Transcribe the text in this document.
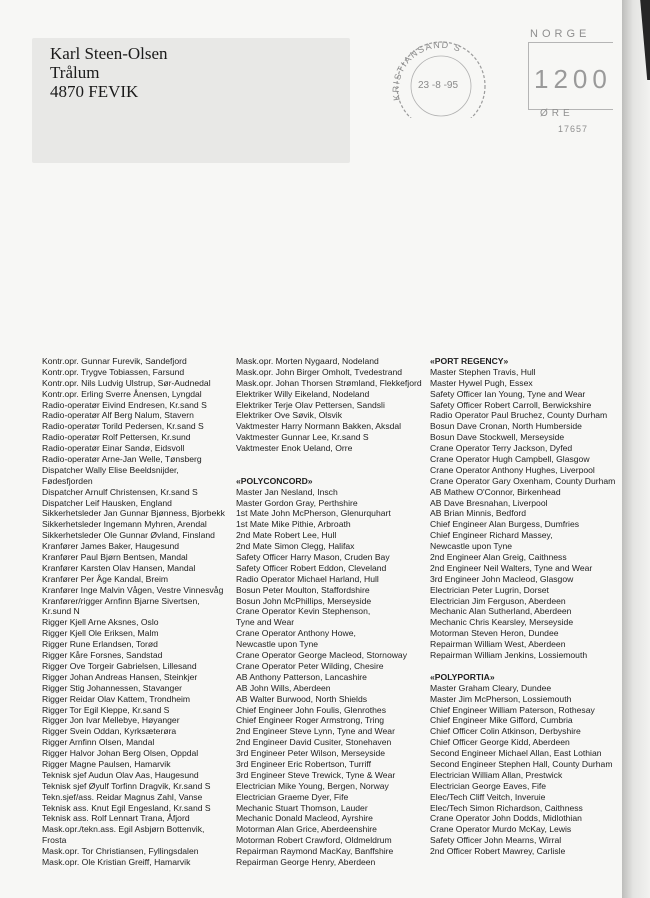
Karl Steen-Olsen
Trålum
4870 FEVIK	KRISTIANSAND S
23 -8 -95
NORGE
1200
ØRE
17657
Kontr.opr. Gunnar Furevik, Sandefjord
Kontr.opr. Trygve Tobiassen, Farsund
Kontr.opr. Nils Ludvig Ulstrup, Sør-Audnedal
Kontr.opr. Erling Sverre Ånensen, Lyngdal
Radio-operatør Eivind Endresen, Kr.sand S
Radio-operatør Alf Berg Nalum, Stavern
Radio-operatør Torild Pedersen, Kr.sand S
Radio-operatør Rolf Pettersen, Kr.sund
Radio-operatør Einar Sandø, Eidsvoll
Radio-operatør Arne-Jan Welle, Tønsberg
Dispatcher Wally Elise Beeldsnijder,
Fødesfjorden
Dispatcher Arnulf Christensen, Kr.sand S
Dispatcher Leif Hausken, England
Sikkerhetsleder Jan Gunnar Bjønness, Bjorbekk
Sikkerhetsleder Ingemann Myhren, Arendal
Sikkerhetsleder Ole Gunnar Øvland, Finsland
Kranfører James Baker, Haugesund
Kranfører Paul Bjørn Bentsen, Mandal
Kranfører Karsten Olav Hansen, Mandal
Kranfører Per Åge Kandal, Breim
Kranfører Inge Malvin Vågen, Vestre Vinnesvåg
Kranfører/rigger Arnfinn Bjarne Sivertsen,
Kr.sund N
Rigger Kjell Arne Aksnes, Oslo
Rigger Kjell Ole Eriksen, Malm
Rigger Rune Erlandsen, Torød
Rigger Kåre Forsnes, Sandstad
Rigger Ove Torgeir Gabrielsen, Lillesand
Rigger Johan Andreas Hansen, Steinkjer
Rigger Stig Johannessen, Stavanger
Rigger Reidar Olav Kattem, Trondheim
Rigger Tor Egil Kleppe, Kr.sand S
Rigger Jon Ivar Mellebye, Høyanger
Rigger Svein Oddan, Kyrksæterøra
Rigger Arnfinn Olsen, Mandal
Rigger Halvor Johan Berg Olsen, Oppdal
Rigger Magne Paulsen, Hamarvik
Teknisk sjef Audun Olav Aas, Haugesund
Teknisk sjef Øyulf Torfinn Dragvik, Kr.sand S
Tekn.sjef/ass. Reidar Magnus Zahl, Vanse
Teknisk ass. Knut Egil Engesland, Kr.sand S
Teknisk ass. Rolf Lennart Trana, Åfjord
Mask.opr./tekn.ass. Egil Asbjørn Bottenvik,
Frosta
Mask.opr. Tor Christiansen, Fyllingsdalen
Mask.opr. Ole Kristian Greiff, Hamarvik
Mask.opr. Morten Nygaard, Nodeland
Mask.opr. John Birger Omholt, Tvedestrand
Mask.opr. Johan Thorsen Strømland, Flekkefjord
Elektriker Willy Eikeland, Nodeland
Elektriker Terje Olav Pettersen, Sandsli
Elektriker Ove Søvik, Olsvik
Vaktmester Harry Normann Bakken, Aksdal
Vaktmester Gunnar Lee, Kr.sand S
Vaktmester Enok Ueland, Orre
«POLYCONCORD»
Master Jan Nesland, Insch
Master Gordon Gray, Perthshire
1st Mate John McPherson, Glenurquhart
1st Mate Mike Pithie, Arbroath
2nd Mate Robert Lee, Hull
2nd Mate Simon Clegg, Halifax
Safety Officer Harry Mason, Cruden Bay
Safety Officer Robert Eddon, Cleveland
Radio Operator Michael Harland, Hull
Bosun Peter Moulton, Staffordshire
Bosun John McPhillips, Merseyside
Crane Operator Kevin Stephenson,
Tyne and Wear
Crane Operator Anthony Howe,
Newcastle upon Tyne
Crane Operator George Macleod, Stornoway
Crane Operator Peter Wilding, Chesire
AB Anthony Patterson, Lancashire
AB John Wills, Aberdeen
AB Walter Burwood, North Shields
Chief Engineer John Foulis, Glenrothes
Chief Engineer Roger Armstrong, Tring
2nd Engineer Steve Lynn, Tyne and Wear
2nd Engineer David Cusiter, Stonehaven
3rd Engineer Peter Wilson, Merseyside
3rd Engineer Eric Robertson, Turriff
3rd Engineer Steve Trewick, Tyne & Wear
Electrician Mike Young, Bergen, Norway
Electrician Graeme Dyer, Fife
Mechanic Stuart Thomson, Lauder
Mechanic Donald Macleod, Ayrshire
Motorman Alan Grice, Aberdeenshire
Motorman Robert Crawford, Oldmeldrum
Repairman Raymond MacKay, Banffshire
Repairman George Henry, Aberdeen
«PORT REGENCY»
Master Stephen Travis, Hull
Master Hywel Pugh, Essex
Safety Officer Ian Young, Tyne and Wear
Safety Officer Robert Carroll, Berwickshire
Radio Operator Paul Bruchez, County Durham
Bosun Dave Cronan, North Humberside
Bosun Dave Stockwell, Merseyside
Crane Operator Terry Jackson, Dyfed
Crane Operator Hugh Campbell, Glasgow
Crane Operator Anthony Hughes, Liverpool
Crane Operator Gary Oxenham, County Durham
AB Mathew O'Connor, Birkenhead
AB Dave Bresnahan, Liverpool
AB Brian Minnis, Bedford
Chief Engineer Alan Burgess, Dumfries
Chief Engineer Richard Massey,
Newcastle upon Tyne
2nd Engineer Alan Greig, Caithness
2nd Engineer Neil Walters, Tyne and Wear
3rd Engineer John Macleod, Glasgow
Electrician Peter Lugrin, Dorset
Electrician Jim Ferguson, Aberdeen
Mechanic Alan Sutherland, Aberdeen
Mechanic Chris Kearsley, Merseyside
Motorman Steven Heron, Dundee
Repairman William West, Aberdeen
Repairman William Jenkins, Lossiemouth
«POLYPORTIA»
Master Graham Cleary, Dundee
Master Jim McPherson, Lossiemouth
Chief Engineer William Paterson, Rothesay
Chief Engineer Mike Gifford, Cumbria
Chief Officer Colin Atkinson, Derbyshire
Chief Officer George Kidd, Aberdeen
Second Engineer Michael Allan, East Lothian
Second Engineer Stephen Hall, County Durham
Electrician William Allan, Prestwick
Electrician George Eaves, Fife
Elec/Tech Cliff Veitch, Inveruie
Elec/Tech Simon Richardson, Caithness
Crane Operator John Dodds, Midlothian
Crane Operator Murdo McKay, Lewis
Safety Officer John Mearns, Wirral
2nd Officer Robert Mawrey, Carlisle
